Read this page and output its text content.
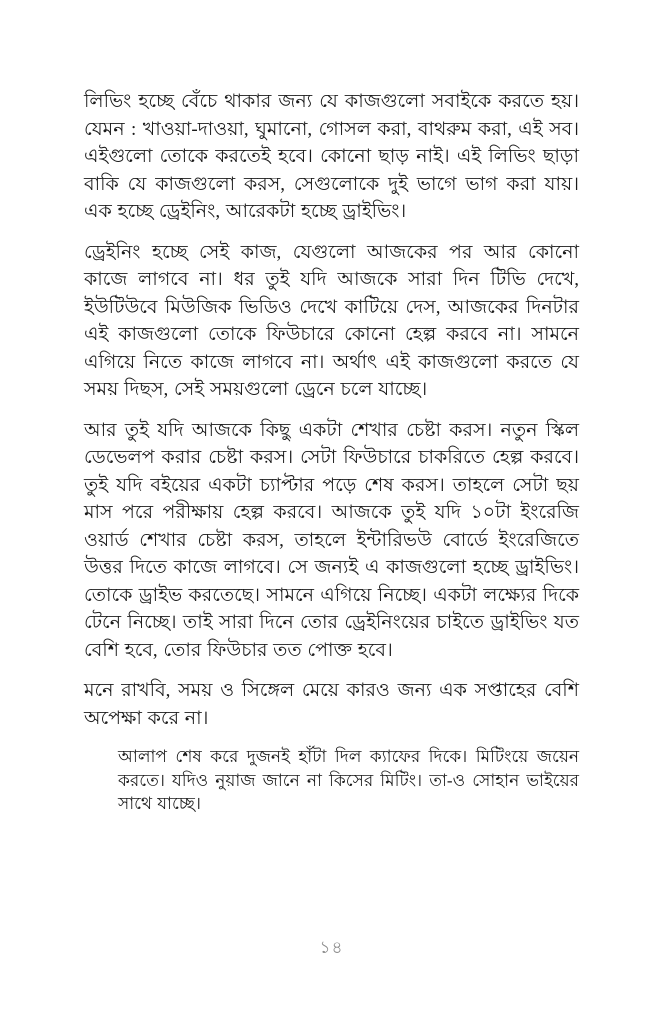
লিভিং হচ্ছে বেঁচে থাকার জন্য যে কাজগুলো সবাইকে করতে হয়। যেমন : খাওয়া-দাওয়া, ঘুমানো, গোসল করা, বাথরুম করা, এই সব। এইগুলো তোকে করতেই হবে। কোনো ছাড় নাই। এই লিভিং ছাড়া বাকি যে কাজগুলো করস, সেগুলোকে দুই ভাগে ভাগ করা যায়। এক হচ্ছে ড্রেইনিং, আরেকটা হচ্ছে ড্রাইভিং।

ড্রেইনিং হচ্ছে সেই কাজ, যেগুলো আজকের পর আর কোনো কাজে লাগবে না। ধর তুই যদি আজকে সারা দিন টিভি দেখে, ইউটিউবে মিউজিক ভিডিও দেখে কাটিয়ে দেস, আজকের দিনটার এই কাজগুলো তোকে ফিউচারে কোনো হেল্প করবে না। সামনে এগিয়ে নিতে কাজে লাগবে না। অর্থাৎ এই কাজগুলো করতে যে সময় দিছস, সেই সময়গুলো ড্রেনে চলে যাচ্ছে।

আর তুই যদি আজকে কিছু একটা শেখার চেষ্টা করস। নতুন স্কিল ডেভেলপ করার চেষ্টা করস। সেটা ফিউচারে চাকরিতে হেল্প করবে। তুই যদি বইয়ের একটা চ্যাপ্টার পড়ে শেষ করস। তাহলে সেটা ছয় মাস পরে পরীক্ষায় হেল্প করবে। আজকে তুই যদি ১০টা ইংরেজি ওয়ার্ড শেখার চেষ্টা করস, তাহলে ইন্টারিভউ বোর্ডে ইংরেজিতে উত্তর দিতে কাজে লাগবে। সে জন্যই এ কাজগুলো হচ্ছে ড্রাইভিং। তোকে ড্রাইভ করতেছে। সামনে এগিয়ে নিচ্ছে। একটা লক্ষ্যের দিকে টেনে নিচ্ছে। তাই সারা দিনে তোর ড্রেইনিংয়ের চাইতে ড্রাইভিং যত বেশি হবে, তোর ফিউচার তত পোক্ত হবে।

মনে রাখবি, সময় ও সিঙ্গেল মেয়ে কারও জন্য এক সপ্তাহের বেশি অপেক্ষা করে না।

আলাপ শেষ করে দুজনই হাঁটা দিল ক্যাফের দিকে। মিটিংয়ে জয়েন করতে। যদিও নুয়াজ জানে না কিসের মিটিং। তা-ও সোহান ভাইয়ের সাথে যাচ্ছে।

১৪
